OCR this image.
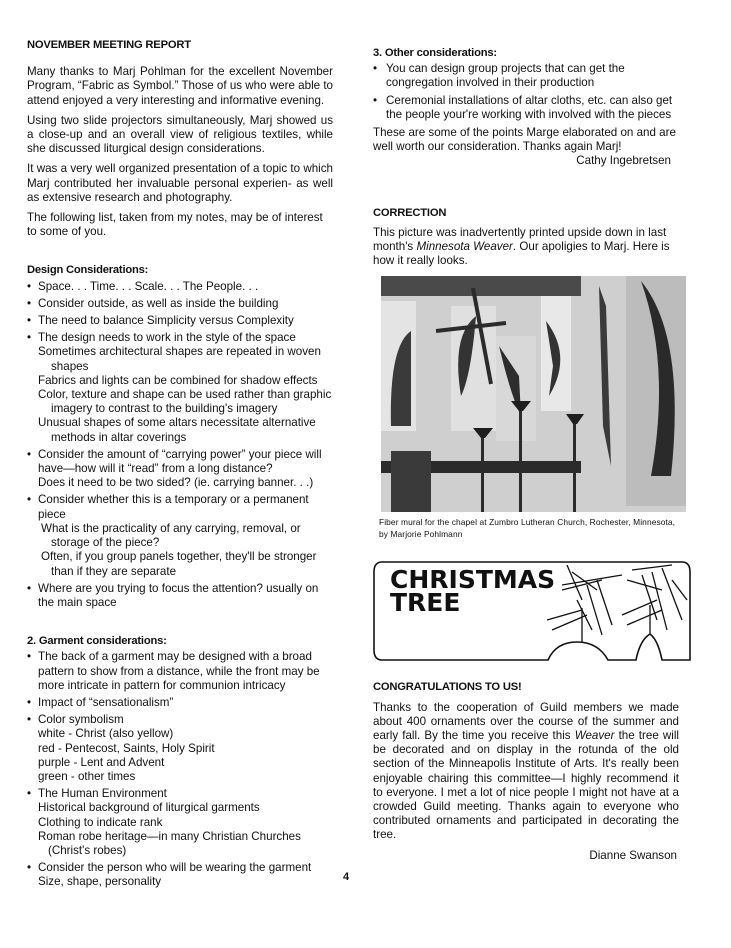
NOVEMBER MEETING REPORT

Many thanks to Marj Pohlman for the excellent November Program, “Fabric as Symbol.” Those of us who were able to attend enjoyed a very interesting and informative evening.

Using two slide projectors simultaneously, Marj showed us a close-up and an overall view of religious textiles, while she discussed liturgical design considerations.

It was a very well organized presentation of a topic to which Marj contributed her invaluable personal experien- as well as extensive research and photography.

The following list, taken from my notes, may be of interest to some of you.

Design Considerations:
• Space. . . Time. . . Scale. . . The People. . .
• Consider outside, as well as inside the building
• The need to balance Simplicity versus Complexity
• The design needs to work in the style of the space
Sometimes architectural shapes are repeated in woven shapes
Fabrics and lights can be combined for shadow effects
Color, texture and shape can be used rather than graphic imagery to contrast to the building's imagery
Unusual shapes of some altars necessitate alternative methods in altar coverings
• Consider the amount of “carrying power” your piece will have—how will it “read” from a long distance?
Does it need to be two sided? (ie. carrying banner. . .)
• Consider whether this is a temporary or a permanent piece
What is the practicality of any carrying, removal, or storage of the piece?
Often, if you group panels together, they'll be stronger than if they are separate
• Where are you trying to focus the attention? usually on the main space
2. Garment considerations:
• The back of a garment may be designed with a broad pattern to show from a distance, while the front may be more intricate in pattern for communion intricacy
• Impact of “sensationalism”
• Color symbolism
white - Christ (also yellow)
red - Pentecost, Saints, Holy Spirit
purple - Lent and Advent
green - other times
• The Human Environment
Historical background of liturgical garments
Clothing to indicate rank
Roman robe heritage—in many Christian Churches (Christ's robes)
• Consider the person who will be wearing the garment
Size, shape, personality
3. Other considerations:
• You can design group projects that can get the congregation involved in their production
• Ceremonial installations of altar cloths, etc. can also get the people your're working with involved with the pieces

These are some of the points Marge elaborated on and are well worth our consideration. Thanks again Marj!

Cathy Ingebretsen
CORRECTION

This picture was inadvertently printed upside down in last month's Minnesota Weaver. Our apoligies to Marj. Here is how it really looks.

Fiber mural for the chapel at Zumbro Lutheran Church, Rochester, Minnesota, by Marjorie Pohlmann
CHRISTMAS
TREE
CONGRATULATIONS TO US!

Thanks to the cooperation of Guild members we made about 400 ornaments over the course of the summer and early fall. By the time you receive this Weaver the tree will be decorated and on display in the rotunda of the old section of the Minneapolis Institute of Arts. It's really been enjoyable chairing this committee—I highly recommend it to everyone. I met a lot of nice people I might not have at a crowded Guild meeting. Thanks again to everyone who contributed ornaments and participated in decorating the tree.

Dianne Swanson
4
